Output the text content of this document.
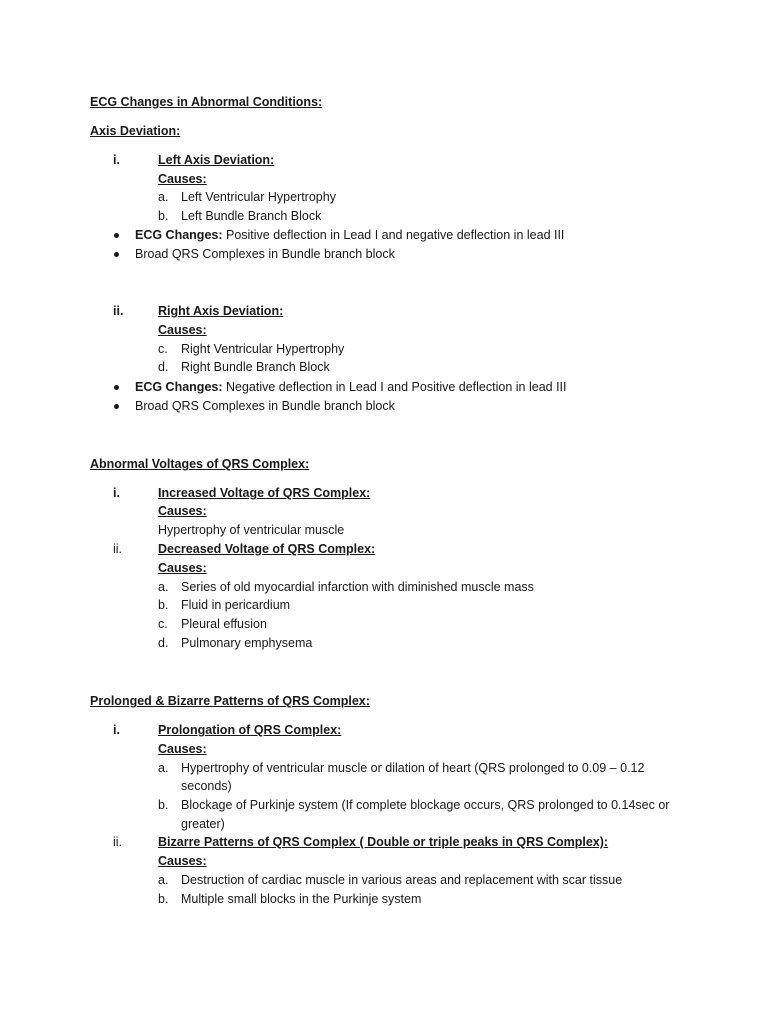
ECG Changes in Abnormal Conditions:
Axis Deviation:
i.	Left Axis Deviation:
Causes:
a. Left Ventricular Hypertrophy
b. Left Bundle Branch Block
ECG Changes: Positive deflection in Lead I and negative deflection in lead III
Broad QRS Complexes in Bundle branch block
ii.	Right Axis Deviation:
Causes:
c. Right Ventricular Hypertrophy
d. Right Bundle Branch Block
ECG Changes: Negative deflection in Lead I and Positive deflection in lead III
Broad QRS Complexes in Bundle branch block
Abnormal Voltages of QRS Complex:
i.	Increased Voltage of QRS Complex:
Causes:
Hypertrophy of ventricular muscle
ii.	Decreased Voltage of QRS Complex:
Causes:
a. Series of old myocardial infarction with diminished muscle mass
b. Fluid in pericardium
c. Pleural effusion
d. Pulmonary emphysema
Prolonged & Bizarre Patterns of QRS Complex:
i.	Prolongation of QRS Complex:
Causes:
a. Hypertrophy of ventricular muscle or dilation of heart (QRS prolonged to 0.09 – 0.12
seconds)
b. Blockage of Purkinje system (If complete blockage occurs, QRS prolonged to 0.14sec or
greater)
ii.	Bizarre Patterns of QRS Complex ( Double or triple peaks in QRS Complex):
Causes:
a. Destruction of cardiac muscle in various areas and replacement with scar tissue
b. Multiple small blocks in the Purkinje system
